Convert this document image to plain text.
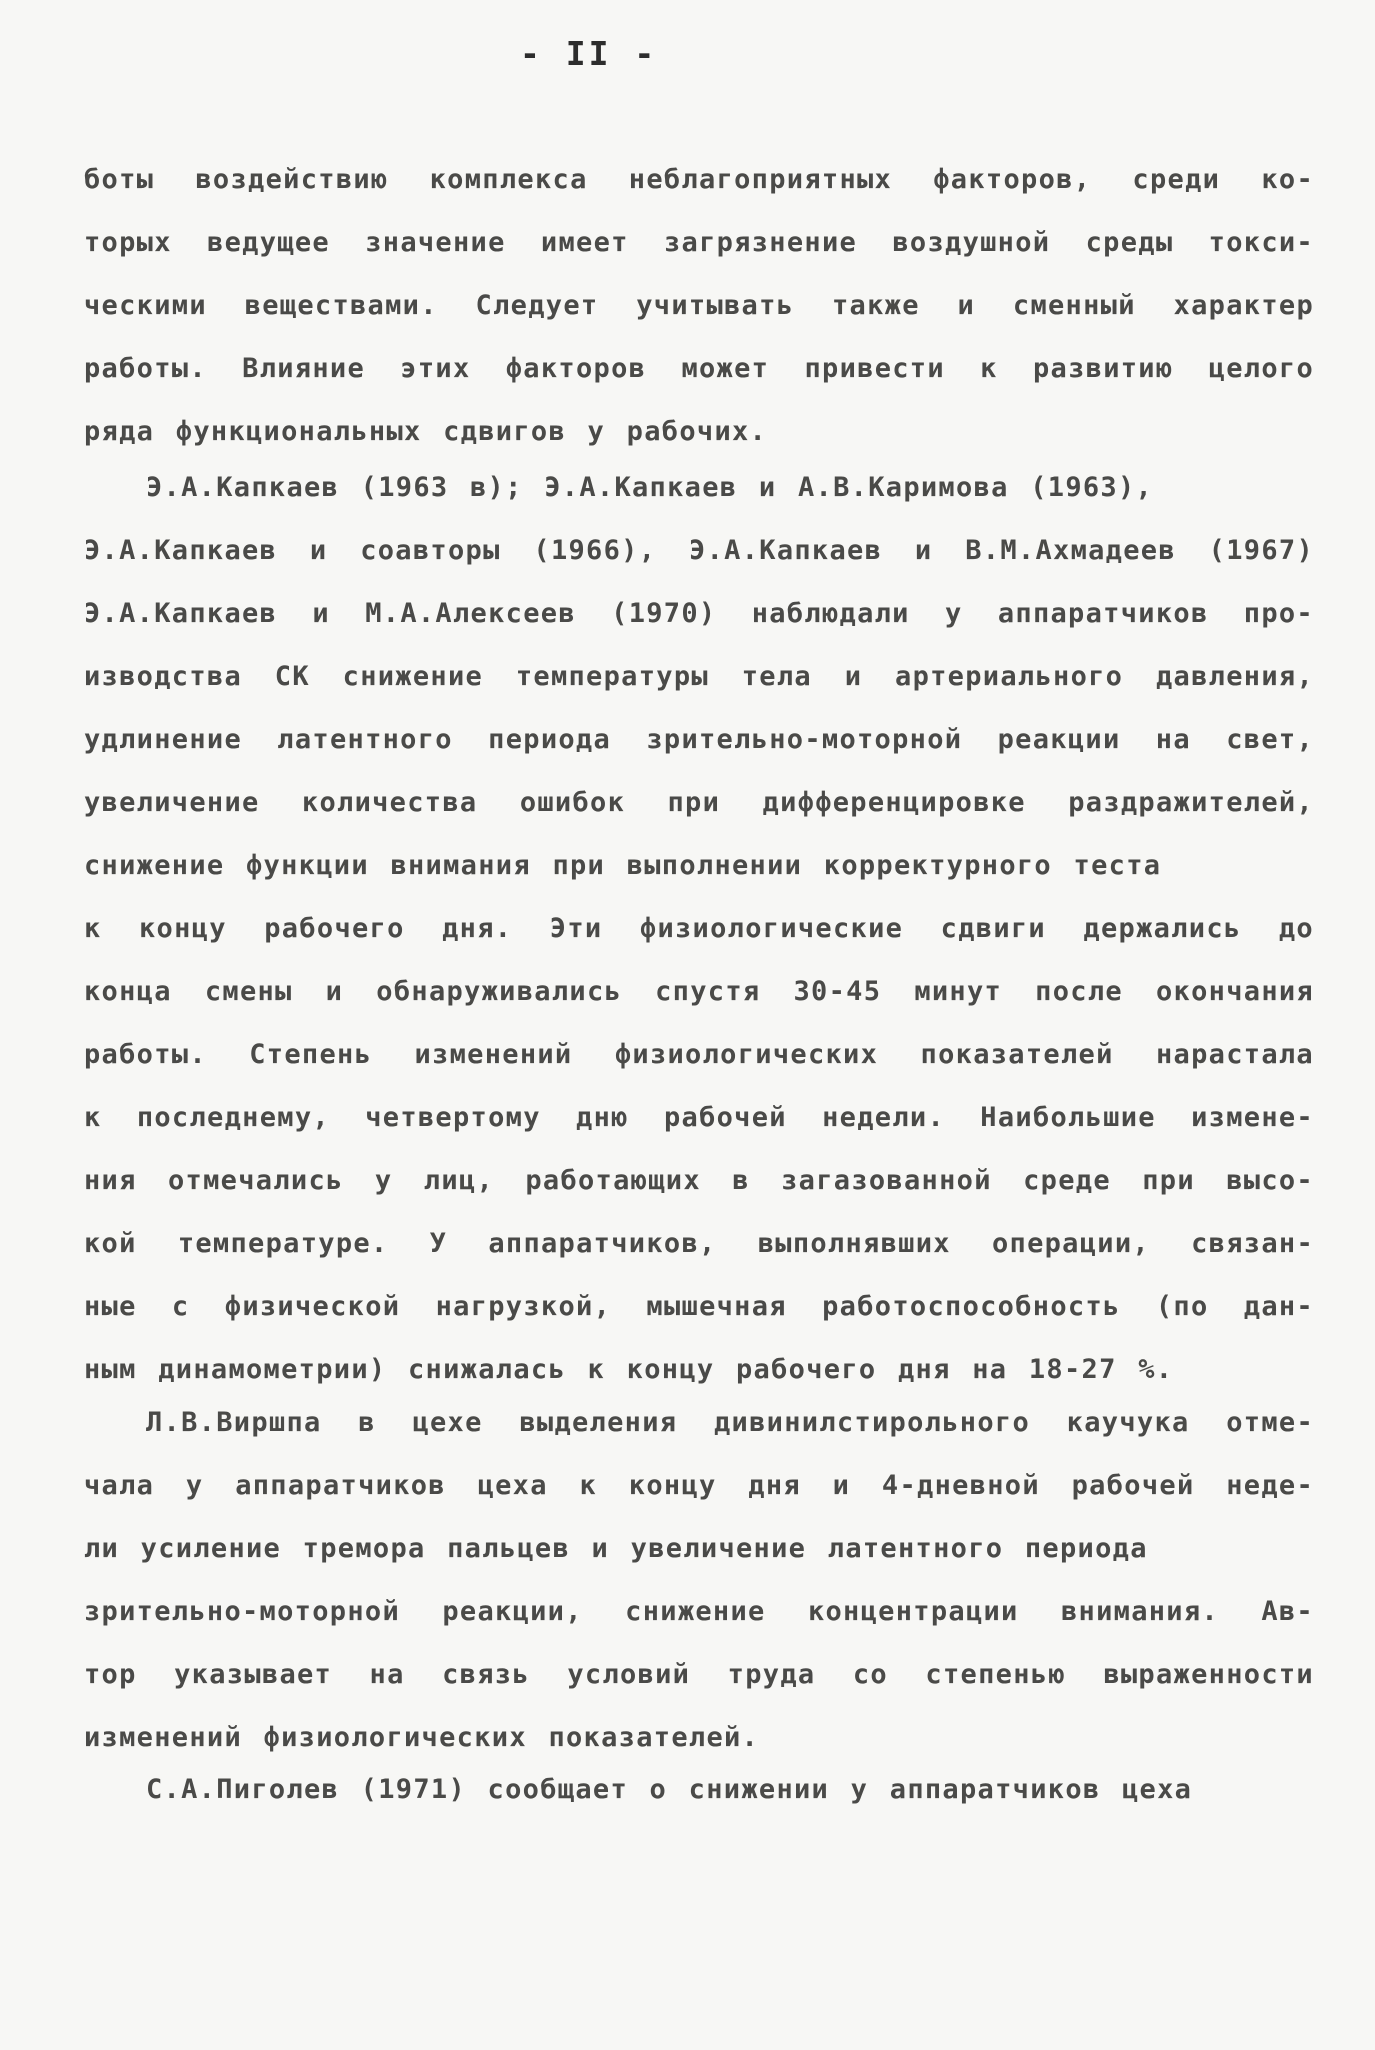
- II -
боты воздействию комплекса неблагоприятных факторов, среди ко-
торых ведущее значение имеет загрязнение воздушной среды токси-
ческими веществами. Следует учитывать также и сменный характер
работы. Влияние этих факторов может привести к развитию целого
ряда функциональных сдвигов у рабочих.
Э.А.Капкаев (1963 в); Э.А.Капкаев и А.В.Каримова (1963),
Э.А.Капкаев и соавторы (1966), Э.А.Капкаев и В.М.Ахмадеев (1967)
Э.А.Капкаев и М.А.Алексеев (1970) наблюдали у аппаратчиков про-
изводства СК снижение температуры тела и артериального давления,
удлинение латентного периода зрительно-моторной реакции на свет,
увеличение количества ошибок при дифференцировке раздражителей,
снижение функции внимания при выполнении корректурного теста
к концу рабочего дня. Эти физиологические сдвиги держались до
конца смены и обнаруживались спустя 30-45 минут после окончания
работы. Степень изменений физиологических показателей нарастала
к последнему, четвертому дню рабочей недели. Наибольшие измене-
ния отмечались у лиц, работающих в загазованной среде при высо-
кой температуре. У аппаратчиков, выполнявших операции, связан-
ные с физической нагрузкой, мышечная работоспособность (по дан-
ным динамометрии) снижалась к концу рабочего дня на 18-27 %.
Л.В.Виршпа в цехе выделения дивинилстирольного каучука отме-
чала у аппаратчиков цеха к концу дня и 4-дневной рабочей неде-
ли усиление тремора пальцев и увеличение латентного периода
зрительно-моторной реакции, снижение концентрации внимания. Ав-
тор указывает на связь условий труда со степенью выраженности
изменений физиологических показателей.
С.А.Пиголев (1971) сообщает о снижении у аппаратчиков цеха
